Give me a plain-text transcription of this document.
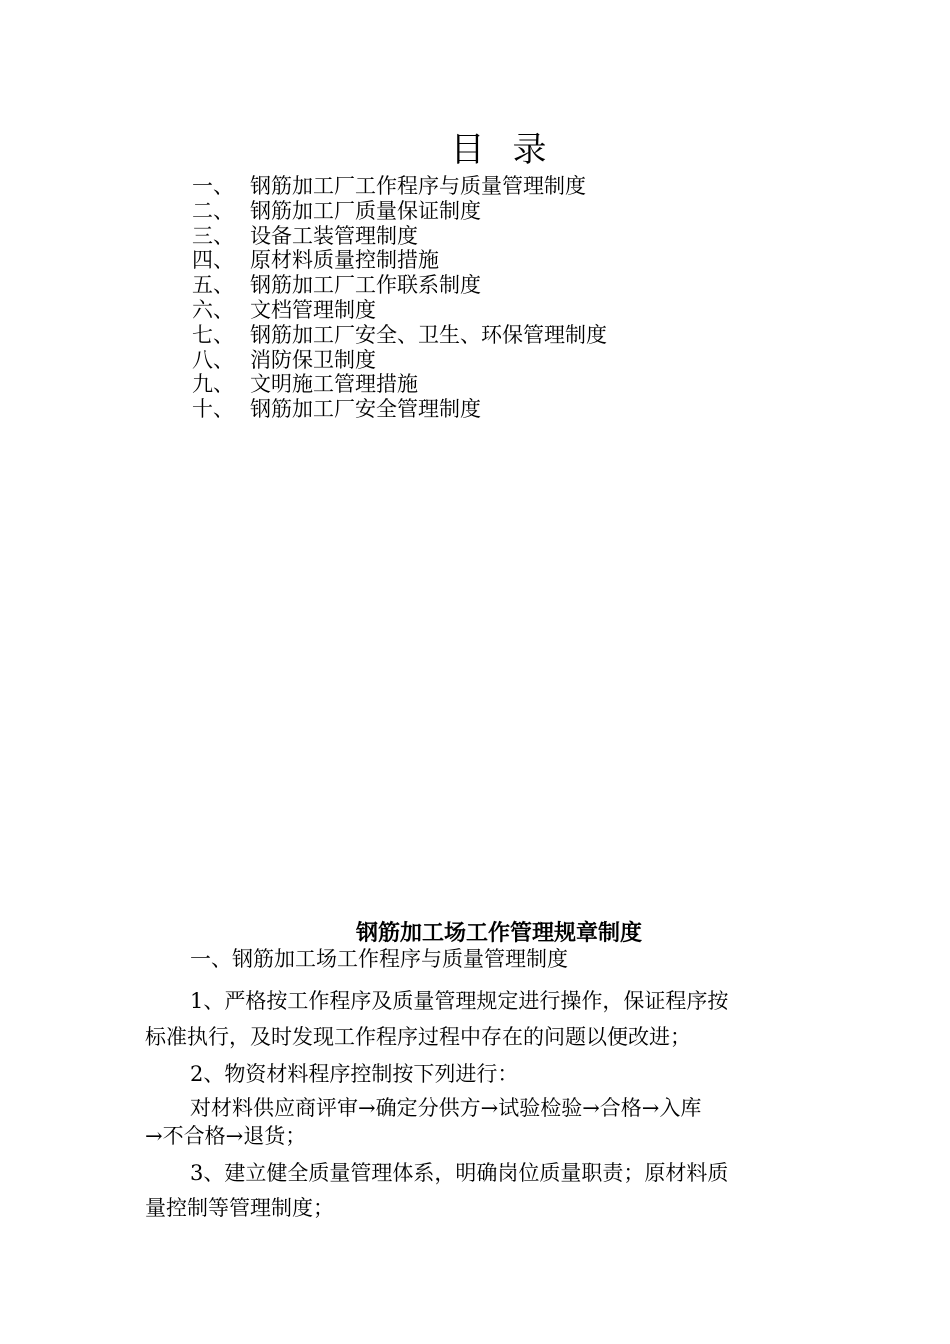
目录
一、 钢筋加工厂工作程序与质量管理制度
二、 钢筋加工厂质量保证制度
三、 设备工装管理制度
四、 原材料质量控制措施
五、 钢筋加工厂工作联系制度
六、 文档管理制度
七、 钢筋加工厂安全、卫生、环保管理制度
八、 消防保卫制度
九、 文明施工管理措施
十、 钢筋加工厂安全管理制度
钢筋加工场工作管理规章制度

一、钢筋加工场工作程序与质量管理制度

1、严格按工作程序及质量管理规定进行操作，保证程序按

标准执行，及时发现工作程序过程中存在的问题以便改进；

2、物资材料程序控制按下列进行：

对材料供应商评审→确定分供方→试验检验→合格→入库

→不合格→退货；

3、建立健全质量管理体系，明确岗位质量职责；原材料质

量控制等管理制度；
